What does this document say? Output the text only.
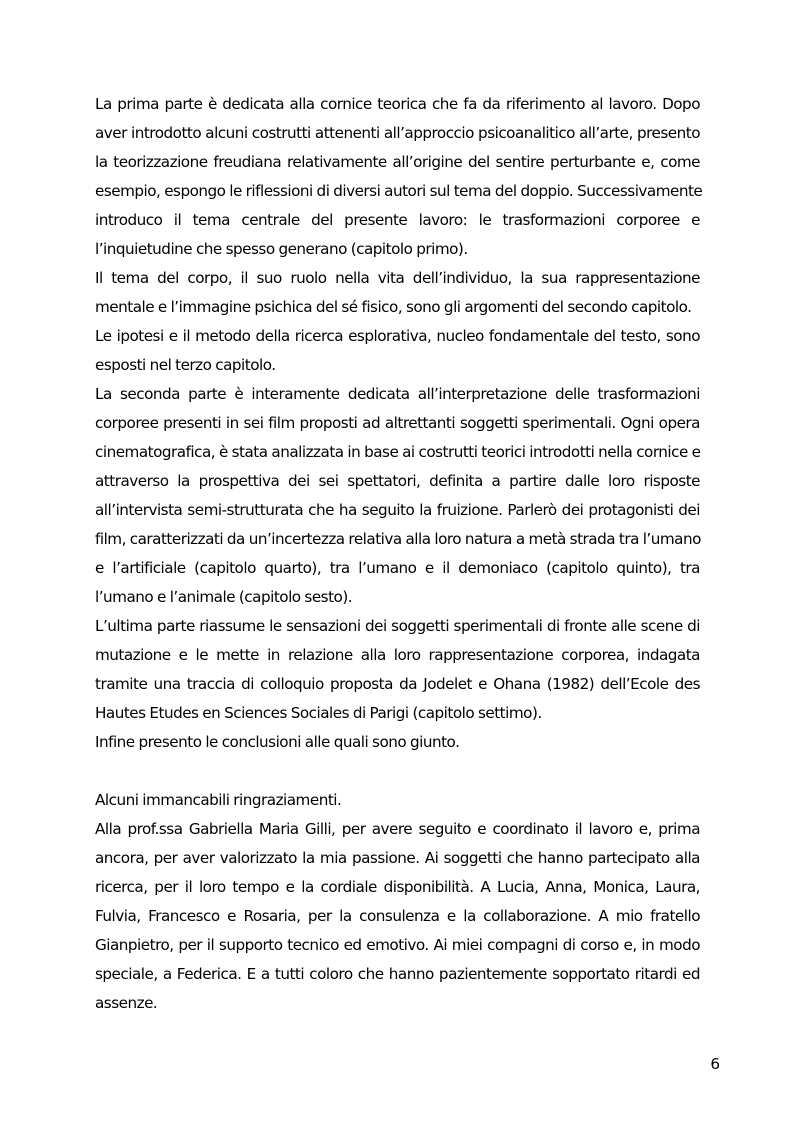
La prima parte è dedicata alla cornice teorica che fa da riferimento al lavoro. Dopo
aver introdotto alcuni costrutti attenenti all’approccio psicoanalitico all’arte, presento
la teorizzazione freudiana relativamente all’origine del sentire perturbante e, come
esempio, espongo le riflessioni di diversi autori sul tema del doppio. Successivamente
introduco il tema centrale del presente lavoro: le trasformazioni corporee e
l’inquietudine che spesso generano (capitolo primo).
Il tema del corpo, il suo ruolo nella vita dell’individuo, la sua rappresentazione
mentale e l’immagine psichica del sé fisico, sono gli argomenti del secondo capitolo.
Le ipotesi e il metodo della ricerca esplorativa, nucleo fondamentale del testo, sono
esposti nel terzo capitolo.
La seconda parte è interamente dedicata all’interpretazione delle trasformazioni
corporee presenti in sei film proposti ad altrettanti soggetti sperimentali. Ogni opera
cinematografica, è stata analizzata in base ai costrutti teorici introdotti nella cornice e
attraverso la prospettiva dei sei spettatori, definita a partire dalle loro risposte
all’intervista semi-strutturata che ha seguito la fruizione. Parlerò dei protagonisti dei
film, caratterizzati da un’incertezza relativa alla loro natura a metà strada tra l’umano
e l’artificiale (capitolo quarto), tra l’umano e il demoniaco (capitolo quinto), tra
l’umano e l’animale (capitolo sesto).
L’ultima parte riassume le sensazioni dei soggetti sperimentali di fronte alle scene di
mutazione e le mette in relazione alla loro rappresentazione corporea, indagata
tramite una traccia di colloquio proposta da Jodelet e Ohana (1982) dell’Ecole des
Hautes Etudes en Sciences Sociales di Parigi (capitolo settimo).
Infine presento le conclusioni alle quali sono giunto.
Alcuni immancabili ringraziamenti.
Alla prof.ssa Gabriella Maria Gilli, per avere seguito e coordinato il lavoro e, prima
ancora, per aver valorizzato la mia passione. Ai soggetti che hanno partecipato alla
ricerca, per il loro tempo e la cordiale disponibilità. A Lucia, Anna, Monica, Laura,
Fulvia, Francesco e Rosaria, per la consulenza e la collaborazione. A mio fratello
Gianpietro, per il supporto tecnico ed emotivo. Ai miei compagni di corso e, in modo
speciale, a Federica. E a tutti coloro che hanno pazientemente sopportato ritardi ed
assenze.
6
